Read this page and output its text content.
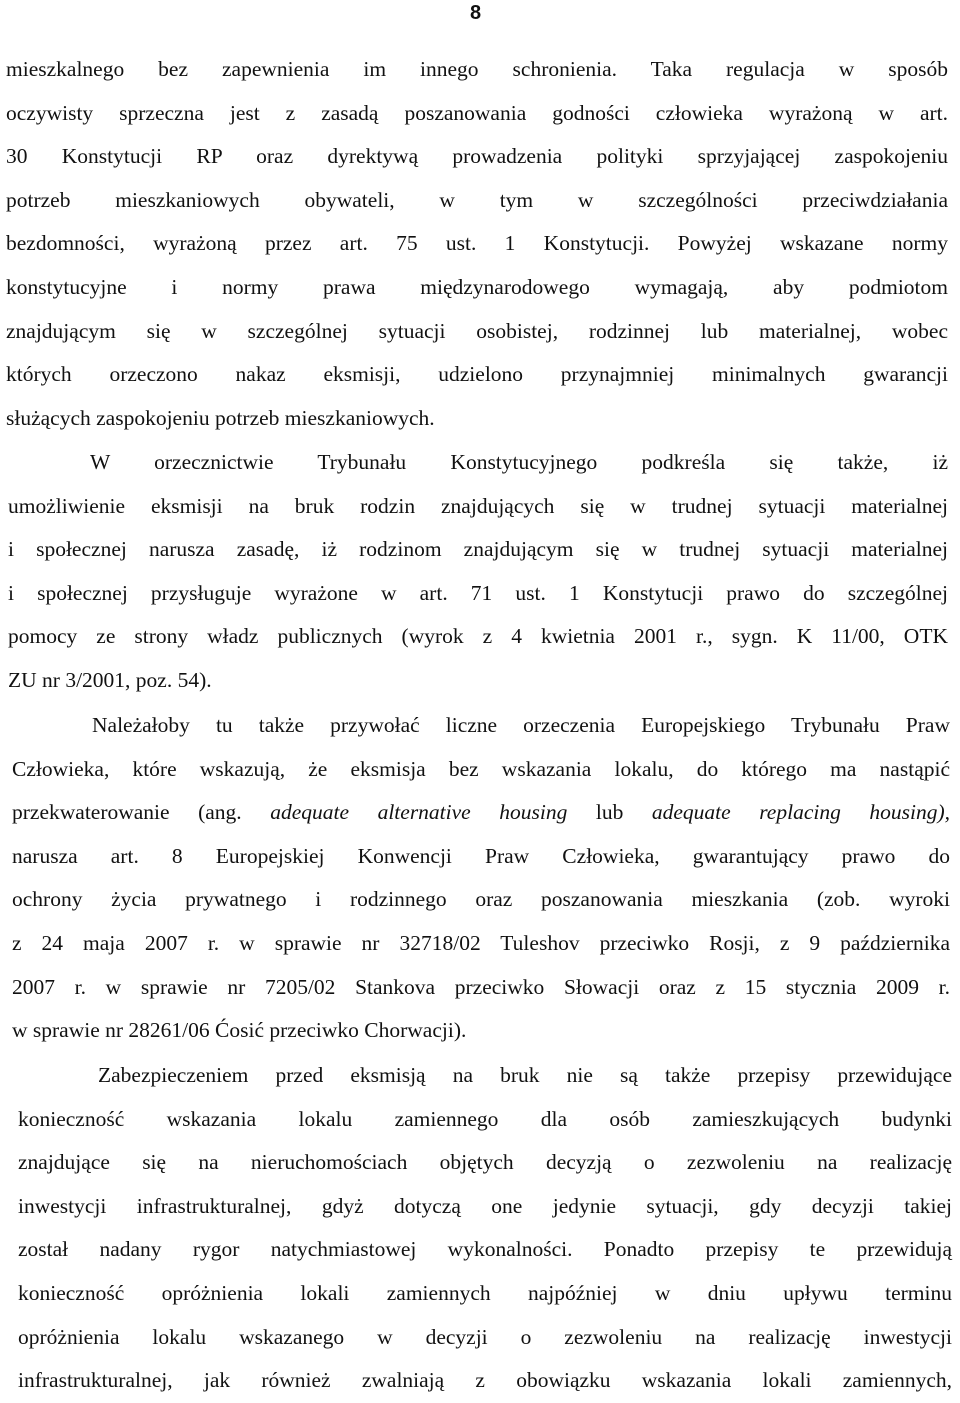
8
mieszkalnego bez zapewnienia im innego schronienia. Taka regulacja w sposób
oczywisty sprzeczna jest z zasadą poszanowania godności człowieka wyrażoną w art.
30 Konstytucji RP oraz dyrektywą prowadzenia polityki sprzyjającej zaspokojeniu
potrzeb mieszkaniowych obywateli, w tym w szczególności przeciwdziałania
bezdomności, wyrażoną przez art. 75 ust. 1 Konstytucji. Powyżej wskazane normy
konstytucyjne i normy prawa międzynarodowego wymagają, aby podmiotom
znajdującym się w szczególnej sytuacji osobistej, rodzinnej lub materialnej, wobec
których orzeczono nakaz eksmisji, udzielono przynajmniej minimalnych gwarancji
służących zaspokojeniu potrzeb mieszkaniowych.
W orzecznictwie Trybunału Konstytucyjnego podkreśla się także, iż
umożliwienie eksmisji na bruk rodzin znajdujących się w trudnej sytuacji materialnej
i społecznej narusza zasadę, iż rodzinom znajdującym się w trudnej sytuacji materialnej
i społecznej przysługuje wyrażone w art. 71 ust. 1 Konstytucji prawo do szczególnej
pomocy ze strony władz publicznych (wyrok z 4 kwietnia 2001 r., sygn. K 11/00, OTK
ZU nr 3/2001, poz. 54).
Należałoby tu także przywołać liczne orzeczenia Europejskiego Trybunału Praw
Człowieka, które wskazują, że eksmisja bez wskazania lokalu, do którego ma nastąpić
przekwaterowanie (ang. adequate alternative housing lub adequate replacing housing),
narusza art. 8 Europejskiej Konwencji Praw Człowieka, gwarantujący prawo do
ochrony życia prywatnego i rodzinnego oraz poszanowania mieszkania (zob. wyroki
z 24 maja 2007 r. w sprawie nr 32718/02 Tuleshov przeciwko Rosji, z 9 października
2007 r. w sprawie nr 7205/02 Stankova przeciwko Słowacji oraz z 15 stycznia 2009 r.
w sprawie nr 28261/06 Ćosić przeciwko Chorwacji).
Zabezpieczeniem przed eksmisją na bruk nie są także przepisy przewidujące
konieczność wskazania lokalu zamiennego dla osób zamieszkujących budynki
znajdujące się na nieruchomościach objętych decyzją o zezwoleniu na realizację
inwestycji infrastrukturalnej, gdyż dotyczą one jedynie sytuacji, gdy decyzji takiej
został nadany rygor natychmiastowej wykonalności. Ponadto przepisy te przewidują
konieczność opróżnienia lokali zamiennych najpóźniej w dniu upływu terminu
opróżnienia lokalu wskazanego w decyzji o zezwoleniu na realizację inwestycji
infrastrukturalnej, jak również zwalniają z obowiązku wskazania lokali zamiennych,
